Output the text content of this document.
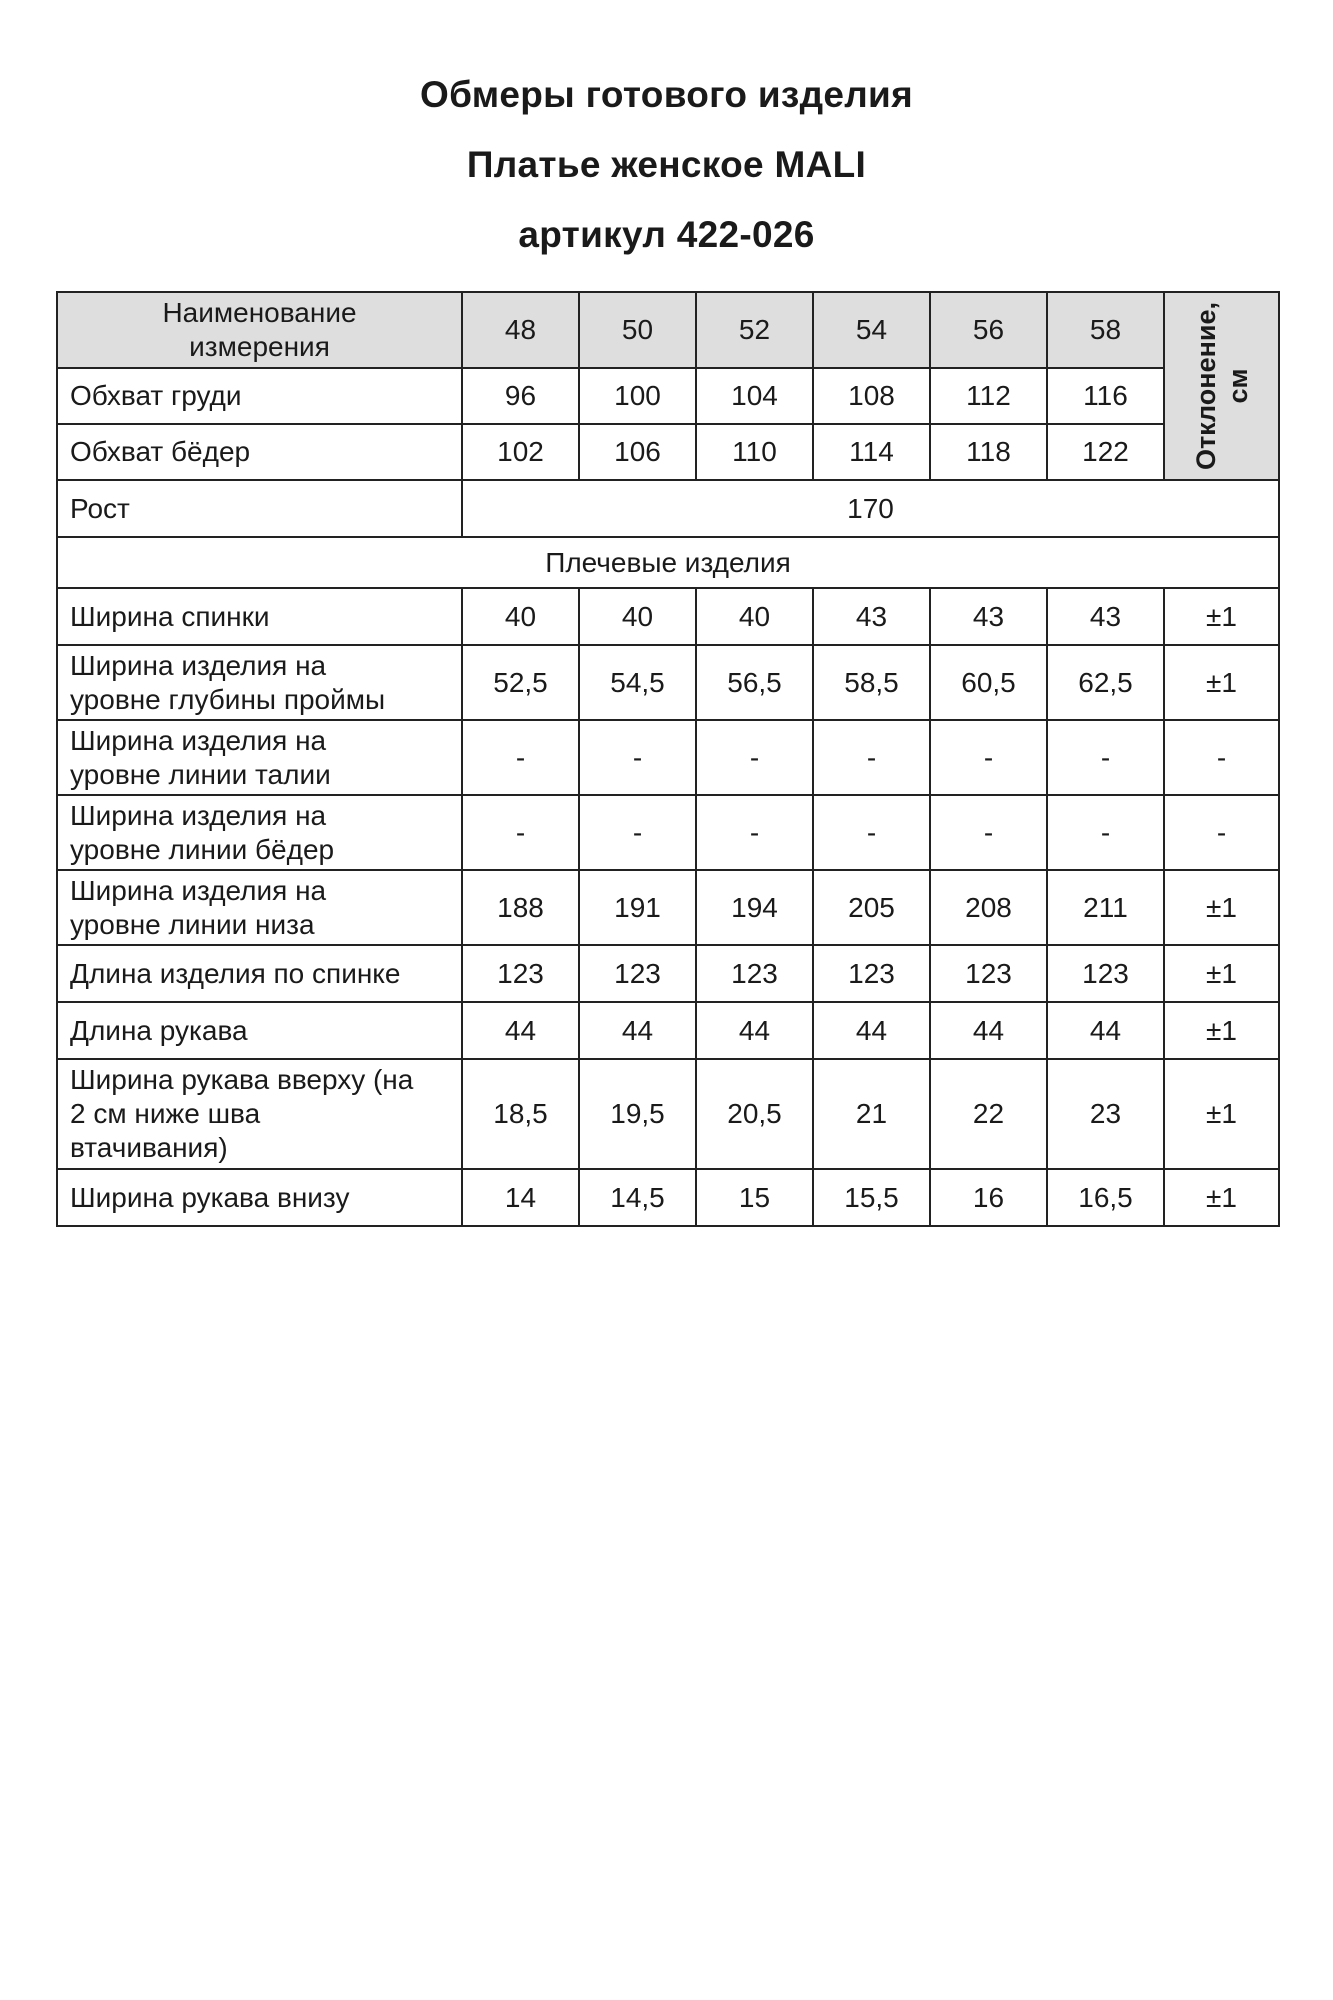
Обмеры готового изделия
Платье женское MALI
артикул 422-026
Наименование измерения	48	50	52	54	56	58	Отклонение, см

Обхват груди	96	100	104	108	112	116	
Обхват бёдер	102	106	110	114	118	122	
Рост	170						
Плечевые изделия							
Ширина спинки	40	40	40	43	43	43	±1
Ширина изделия на уровне глубины проймы	52,5	54,5	56,5	58,5	60,5	62,5	±1
Ширина изделия на уровне линии талии	-	-	-	-	-	-	-
Ширина изделия на уровне линии бёдер	-	-	-	-	-	-	-
Ширина изделия на уровне линии низа	188	191	194	205	208	211	±1
Длина изделия по спинке	123	123	123	123	123	123	±1
Длина рукава	44	44	44	44	44	44	±1
Ширина рукава вверху (на 2 см ниже шва втачивания)	18,5	19,5	20,5	21	22	23	±1
Ширина рукава внизу	14	14,5	15	15,5	16	16,5	±1
